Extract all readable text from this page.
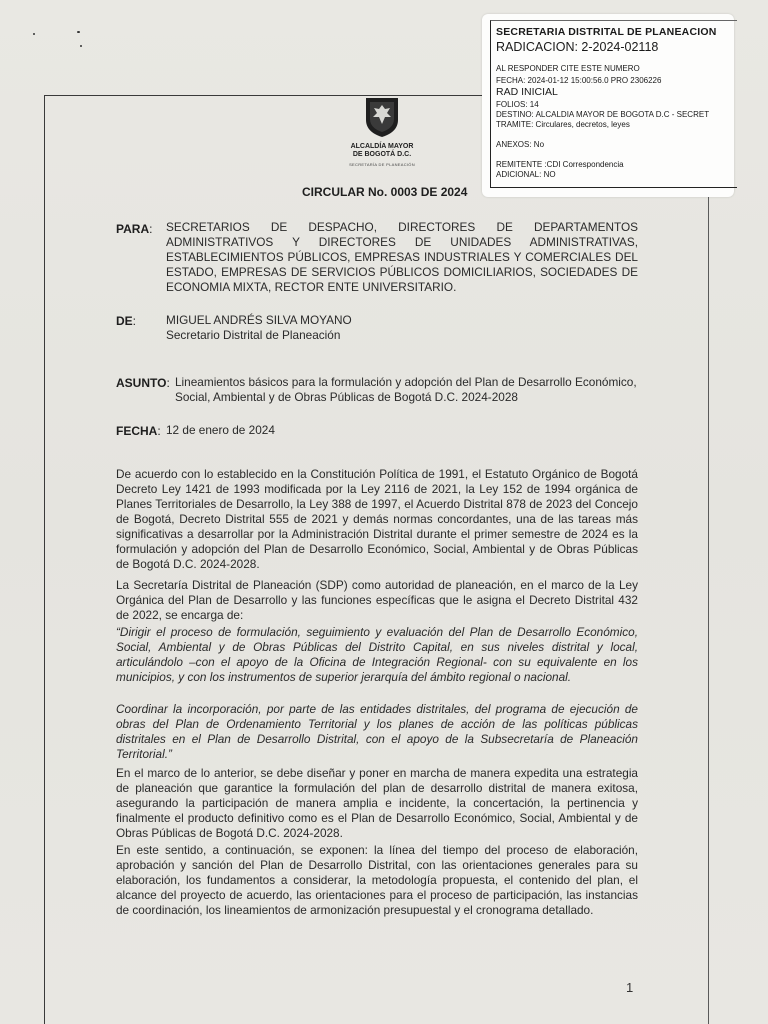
SECRETARIA DISTRITAL DE PLANEACION
RADICACION: 2-2024-02118
AL RESPONDER CITE ESTE NUMERO
FECHA: 2024-01-12 15:00:56.0 PRO 2306226
RAD INICIAL
FOLIOS: 14
DESTINO: ALCALDIA MAYOR DE BOGOTA D.C - SECRET
TRAMITE: Circulares, decretos, leyes
ANEXOS: No
REMITENTE :CDI Correspondencia
ADICIONAL: NO
ALCALDÍA MAYOR
DE BOGOTÁ D.C.
SECRETARÍA DE PLANEACIÓN
CIRCULAR No. 0003 DE 2024
PARA: SECRETARIOS DE DESPACHO, DIRECTORES DE DEPARTAMENTOS ADMINISTRATIVOS Y DIRECTORES DE UNIDADES ADMINISTRATIVAS, ESTABLECIMIENTOS PÚBLICOS, EMPRESAS INDUSTRIALES Y COMERCIALES DEL ESTADO, EMPRESAS DE SERVICIOS PÚBLICOS DOMICILIARIOS, SOCIEDADES DE ECONOMIA MIXTA, RECTOR ENTE UNIVERSITARIO.
DE:	MIGUEL ANDRÉS SILVA MOYANO
Secretario Distrital de Planeación
ASUNTO: Lineamientos básicos para la formulación y adopción del Plan de Desarrollo Económico, Social, Ambiental y de Obras Públicas de Bogotá D.C. 2024-2028
FECHA: 12 de enero de 2024
De acuerdo con lo establecido en la Constitución Política de 1991, el Estatuto Orgánico de Bogotá Decreto Ley 1421 de 1993 modificada por la Ley 2116 de 2021, la Ley 152 de 1994 orgánica de Planes Territoriales de Desarrollo, la Ley 388 de 1997, el Acuerdo Distrital 878 de 2023 del Concejo de Bogotá, Decreto Distrital 555 de 2021 y demás normas concordantes, una de las tareas más significativas a desarrollar por la Administración Distrital durante el primer semestre de 2024 es la formulación y adopción del Plan de Desarrollo Económico, Social, Ambiental y de Obras Públicas de Bogotá D.C. 2024-2028.
La Secretaría Distrital de Planeación (SDP) como autoridad de planeación, en el marco de la Ley Orgánica del Plan de Desarrollo y las funciones específicas que le asigna el Decreto Distrital 432 de 2022, se encarga de:
“Dirigir el proceso de formulación, seguimiento y evaluación del Plan de Desarrollo Económico, Social, Ambiental y de Obras Públicas del Distrito Capital, en sus niveles distrital y local, articulándolo –con el apoyo de la Oficina de Integración Regional- con su equivalente en los municipios, y con los instrumentos de superior jerarquía del ámbito regional o nacional.
Coordinar la incorporación, por parte de las entidades distritales, del programa de ejecución de obras del Plan de Ordenamiento Territorial y los planes de acción de las políticas públicas distritales en el Plan de Desarrollo Distrital, con el apoyo de la Subsecretaría de Planeación Territorial.”
En el marco de lo anterior, se debe diseñar y poner en marcha de manera expedita una estrategia de planeación que garantice la formulación del plan de desarrollo distrital de manera exitosa, asegurando la participación de manera amplia e incidente, la concertación, la pertinencia y finalmente el producto definitivo como es el Plan de Desarrollo Económico, Social, Ambiental y de Obras Públicas de Bogotá D.C. 2024-2028.
En este sentido, a continuación, se exponen: la línea del tiempo del proceso de elaboración, aprobación y sanción del Plan de Desarrollo Distrital, con las orientaciones generales para su elaboración, los fundamentos a considerar, la metodología propuesta, el contenido del plan, el alcance del proyecto de acuerdo, las orientaciones para el proceso de participación, las instancias de coordinación, los lineamientos de armonización presupuestal y el cronograma detallado.
1
